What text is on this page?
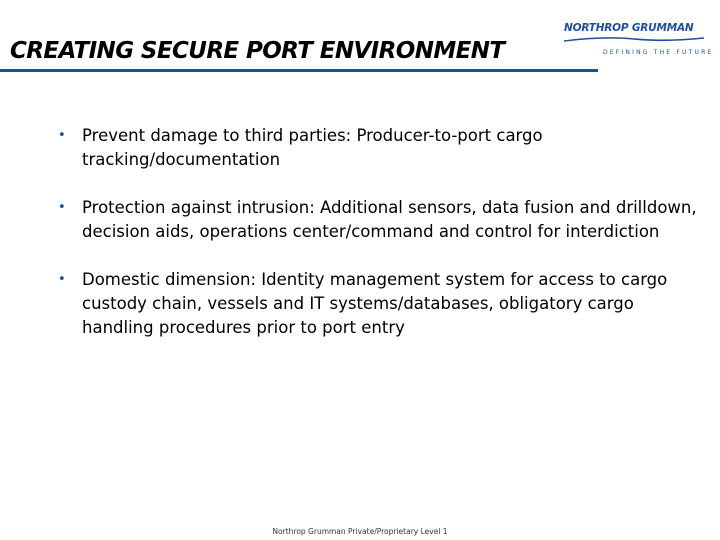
CREATING SECURE PORT ENVIRONMENT
NORTHROP GRUMMAN
DEFINING THE FUTURE
• Prevent damage to third parties: Producer-to-port cargo tracking/documentation
• Protection against intrusion: Additional sensors, data fusion and drilldown, decision aids, operations center/command and control for interdiction
• Domestic dimension: Identity management system for access to cargo custody chain, vessels and IT systems/databases, obligatory cargo handling procedures prior to port entry
Northrop Grumman Private/Proprietary Level 1
